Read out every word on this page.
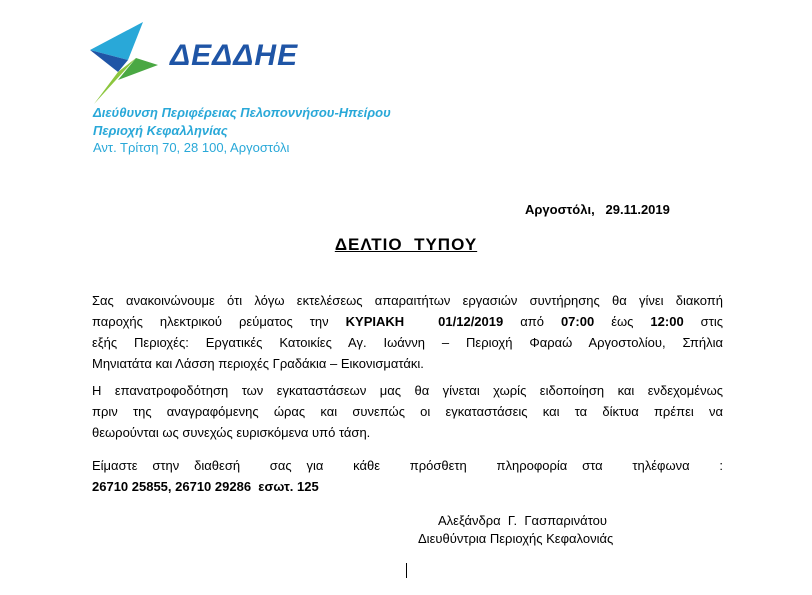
ΔΕΔΔΗΕ
Διεύθυνση Περιφέρειας Πελοποννήσου-Ηπείρου
Περιοχή Κεφαλληνίας
Αντ. Τρίτση 70, 28 100, Αργοστόλι
Αργοστόλι,   29.11.2019
ΔΕΛΤΙΟ  ΤΥΠΟΥ
Σας ανακοινώνουμε ότι λόγω εκτελέσεως απαραιτήτων εργασιών συντήρησης θα γίνει διακοπή
παροχής ηλεκτρικού ρεύματος την ΚΥΡΙΑΚΗ  01/12/2019 από 07:00 έως 12:00 στις
εξής Περιοχές: Εργατικές Κατοικίες Αγ. Ιωάννη – Περιοχή Φαραώ Αργοστολίου, Σπήλια
Μηνιατάτα και Λάσση περιοχές Γραδάκια – Εικονισματάκι.
Η επανατροφοδότηση των εγκαταστάσεων μας θα γίνεται χωρίς ειδοποίηση και ενδεχομένως
πριν της αναγραφόμενης ώρας και συνεπώς οι εγκαταστάσεις και τα δίκτυα πρέπει να
θεωρούνται ως συνεχώς ευρισκόμενα υπό τάση.
Είμαστε στην διαθεσή  σας για  κάθε  πρόσθετη  πληροφορία στα  τηλέφωνα  :
26710 25855, 26710 29286  εσωτ. 125
Αλεξάνδρα  Γ.  Γασπαρινάτου
Διευθύντρια Περιοχής Κεφαλονιάς
